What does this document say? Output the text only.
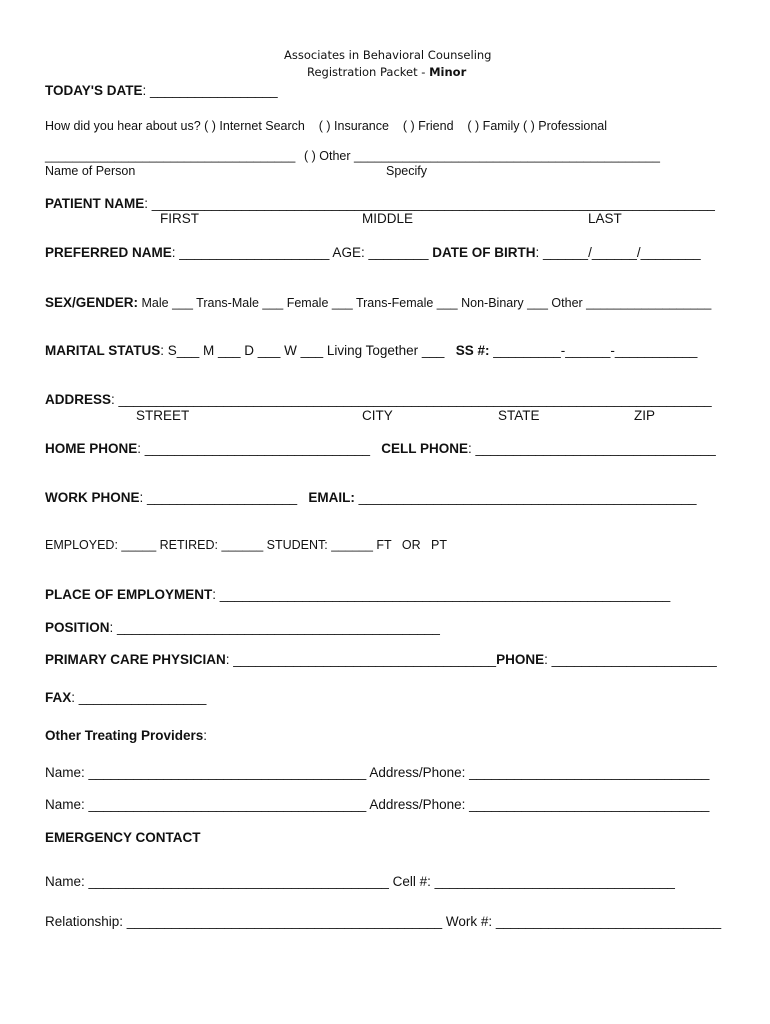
Associates in Behavioral Counseling
Registration Packet - Minor
TODAY'S DATE: _________________
How did you hear about us? ( ) Internet Search    ( ) Insurance    ( ) Friend    ( ) Family ( ) Professional
____________________________________ ( ) Other ____________________________________________
Name of Person	Specify
PATIENT NAME: ___________________________________________________________________________
FIRST	MIDDLE	LAST
PREFERRED NAME: ____________________ AGE: ________ DATE OF BIRTH: ______/______/________
SEX/GENDER: Male ___ Trans-Male ___ Female ___ Trans-Female ___ Non-Binary ___ Other __________________
MARITAL STATUS: S___ M ___ D ___ W ___ Living Together ___   SS #: _________-______-___________
ADDRESS: _______________________________________________________________________________
STREET	CITY	STATE	ZIP
HOME PHONE: ______________________________   CELL PHONE: ________________________________
WORK PHONE: ____________________   EMAIL: _____________________________________________
EMPLOYED: _____ RETIRED: ______ STUDENT: ______ FT   OR   PT
PLACE OF EMPLOYMENT: ____________________________________________________________
POSITION: ___________________________________________
PRIMARY CARE PHYSICIAN: ___________________________________PHONE: ______________________
FAX: _________________
Other Treating Providers:
Name: _____________________________________ Address/Phone: ________________________________
Name: _____________________________________ Address/Phone: ________________________________
EMERGENCY CONTACT
Name: ________________________________________ Cell #: ________________________________
Relationship: __________________________________________ Work #: ______________________________
